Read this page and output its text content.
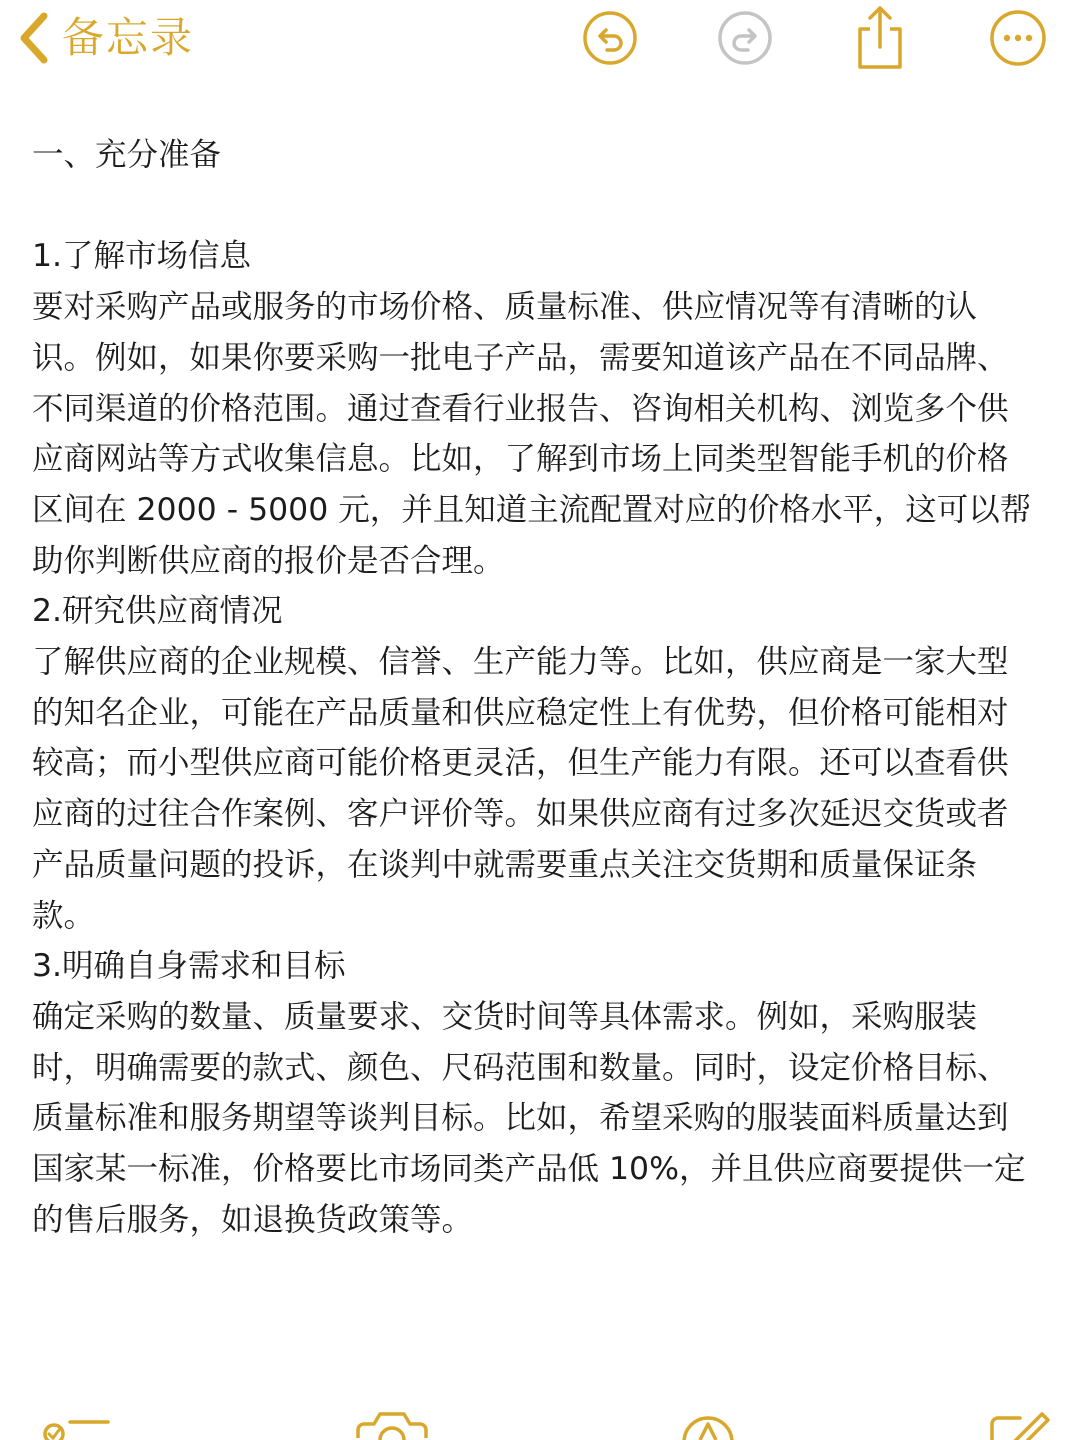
备忘录

一、充分准备

1.了解市场信息

要对采购产品或服务的市场价格、质量标准、供应情况等有清晰的认识。例如，如果你要采购一批电子产品，需要知道该产品在不同品牌、不同渠道的价格范围。通过查看行业报告、咨询相关机构、浏览多个供应商网站等方式收集信息。比如，了解到市场上同类型智能手机的价格区间在 2000 - 5000 元，并且知道主流配置对应的价格水平，这可以帮助你判断供应商的报价是否合理。

2.研究供应商情况

了解供应商的企业规模、信誉、生产能力等。比如，供应商是一家大型的知名企业，可能在产品质量和供应稳定性上有优势，但价格可能相对较高；而小型供应商可能价格更灵活，但生产能力有限。还可以查看供应商的过往合作案例、客户评价等。如果供应商有过多次延迟交货或者产品质量问题的投诉，在谈判中就需要重点关注交货期和质量保证条款。

3.明确自身需求和目标

确定采购的数量、质量要求、交货时间等具体需求。例如，采购服装时，明确需要的款式、颜色、尺码范围和数量。同时，设定价格目标、质量标准和服务期望等谈判目标。比如，希望采购的服装面料质量达到国家某一标准，价格要比市场同类产品低 10%，并且供应商要提供一定的售后服务，如退换货政策等。
